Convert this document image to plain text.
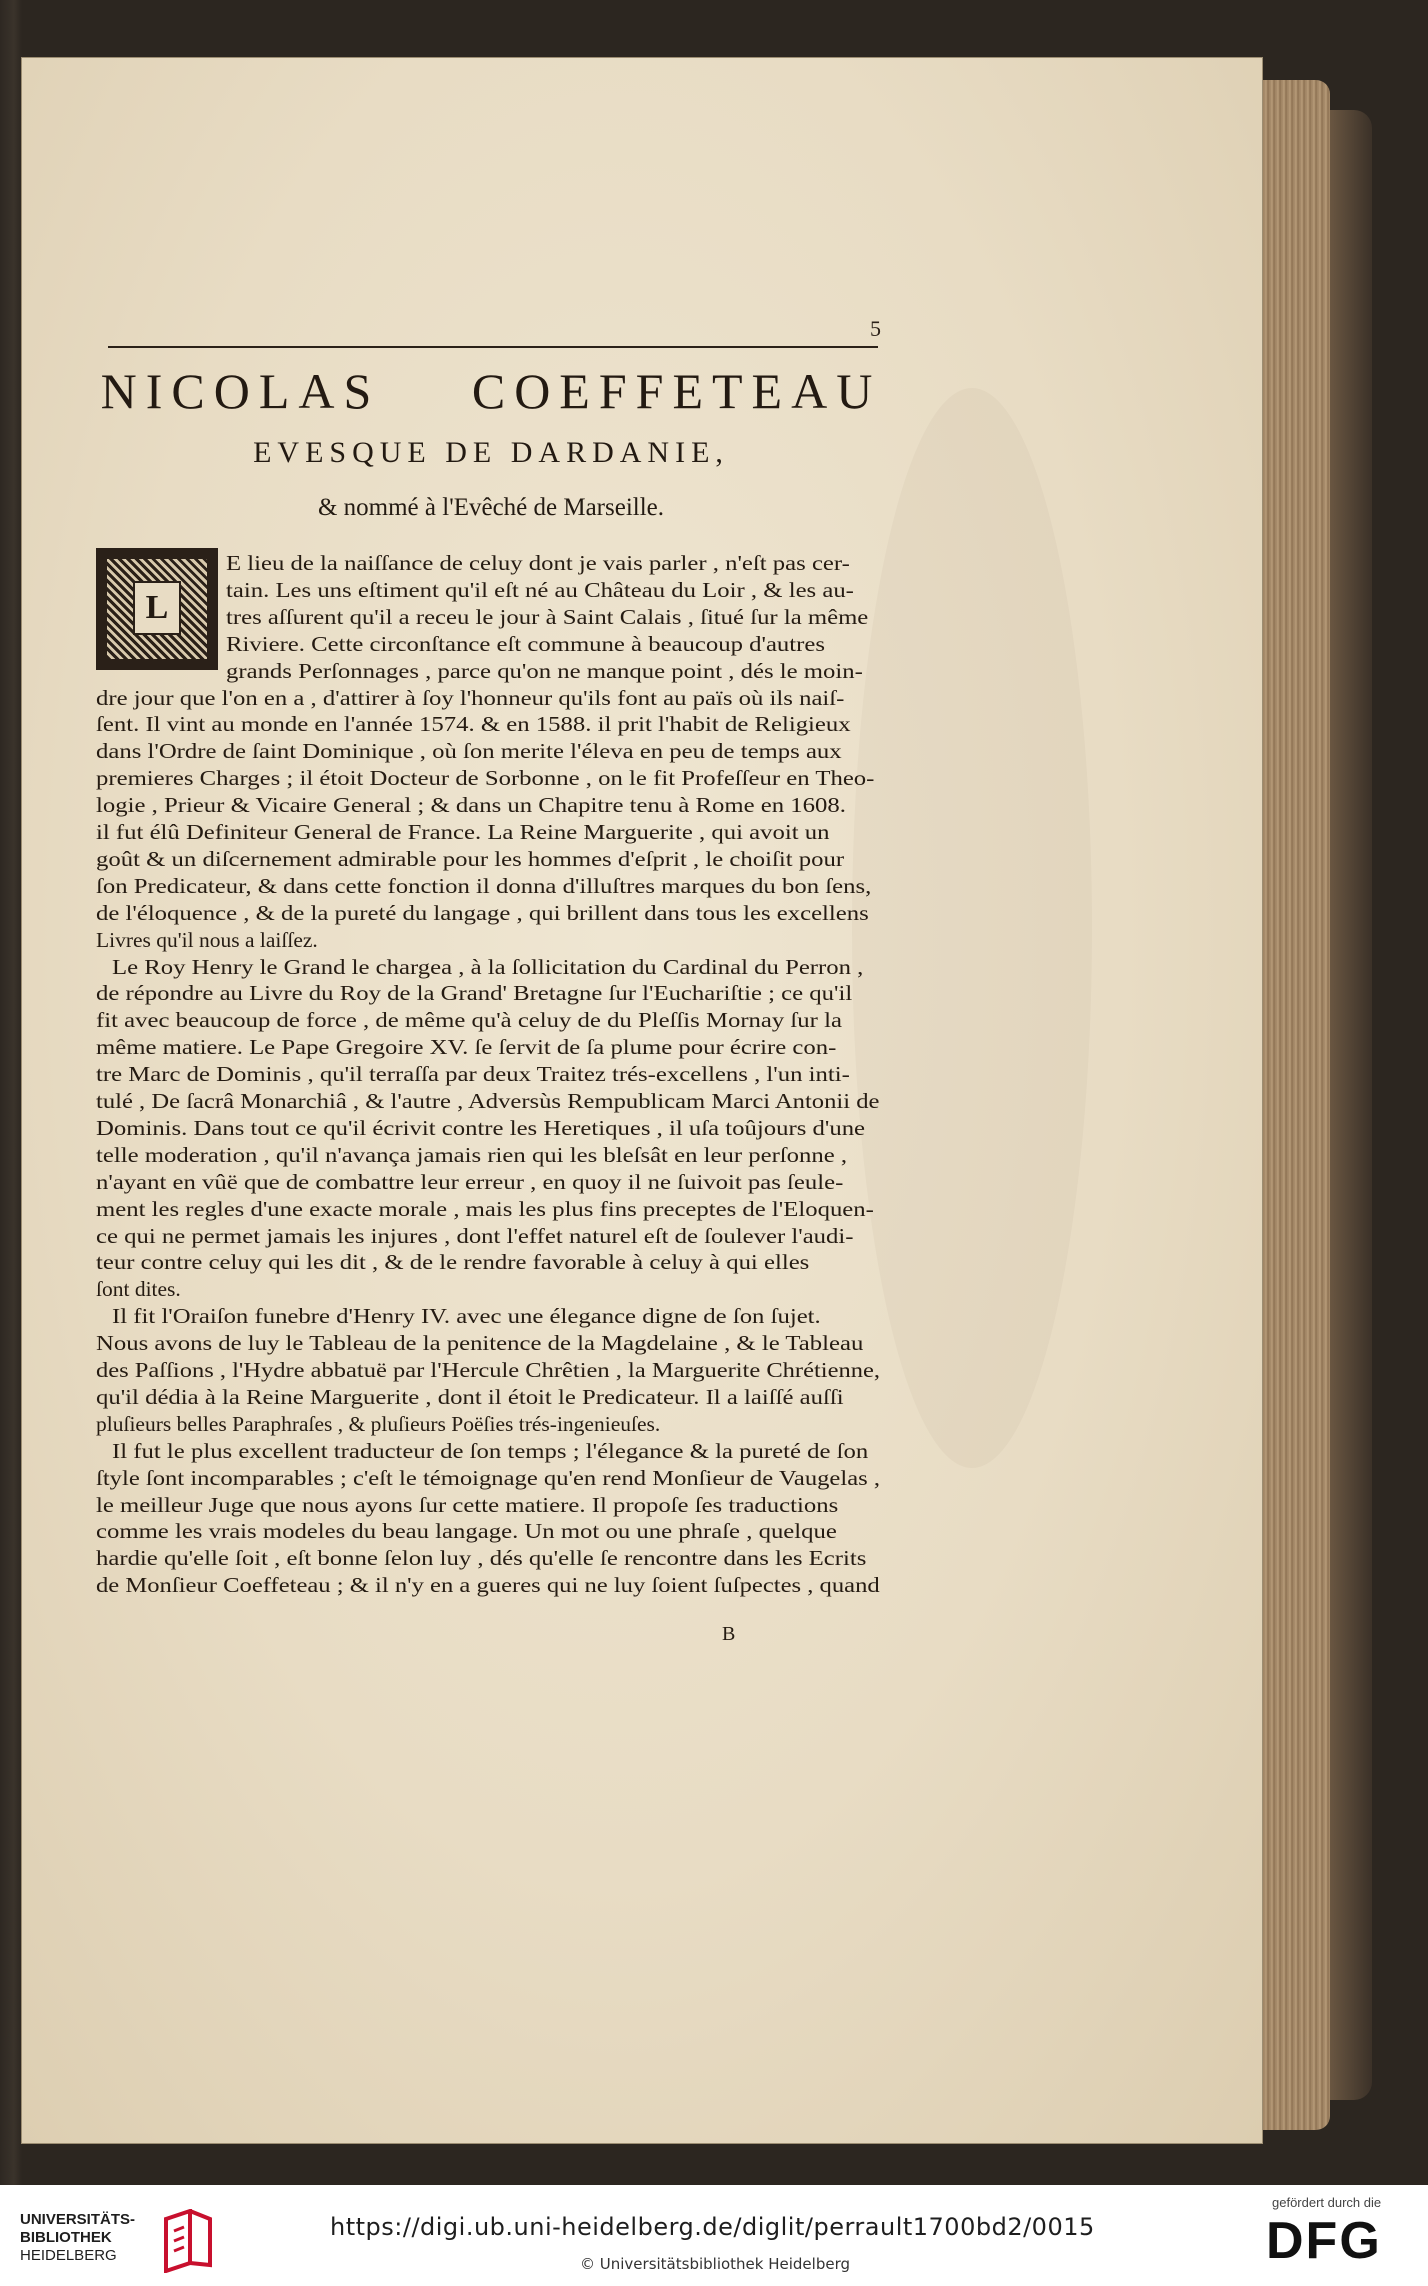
5
NICOLAS COEFFETEAU
EVESQUE DE DARDANIE,
& nommé à l'Evêché de Marseille.
L
E lieu de la naiſſance de celuy dont je vais parler , n'eſt pas cer-
tain. Les uns eſtiment qu'il eſt né au Château du Loir , & les au-
tres aſſurent qu'il a receu le jour à Saint Calais , ſitué ſur la même
Riviere. Cette circonſtance eſt commune à beaucoup d'autres
grands Perſonnages , parce qu'on ne manque point , dés le moin-
dre jour que l'on en a , d'attirer à ſoy l'honneur qu'ils font au païs où ils naiſ-
ſent. Il vint au monde en l'année 1574. & en 1588. il prit l'habit de Religieux
dans l'Ordre de ſaint Dominique , où ſon merite l'éleva en peu de temps aux
premieres Charges ; il étoit Docteur de Sorbonne , on le fit Profeſſeur en Theo-
logie , Prieur & Vicaire General ; & dans un Chapitre tenu à Rome en 1608.
il fut élû Definiteur General de France. La Reine Marguerite , qui avoit un
goût & un diſcernement admirable pour les hommes d'eſprit , le choiſit pour
ſon Predicateur, & dans cette fonction il donna d'illuſtres marques du bon ſens,
de l'éloquence , & de la pureté du langage , qui brillent dans tous les excellens
Livres qu'il nous a laiſſez.
Le Roy Henry le Grand le chargea , à la ſollicitation du Cardinal du Perron ,
de répondre au Livre du Roy de la Grand' Bretagne ſur l'Euchariſtie ; ce qu'il
fit avec beaucoup de force , de même qu'à celuy de du Pleſſis Mornay ſur la
même matiere. Le Pape Gregoire XV. ſe ſervit de ſa plume pour écrire con-
tre Marc de Dominis , qu'il terraſſa par deux Traitez trés-excellens , l'un inti-
tulé , De ſacrâ Monarchiâ , & l'autre , Adversùs Rempublicam Marci Antonii de
Dominis. Dans tout ce qu'il écrivit contre les Heretiques , il uſa toûjours d'une
telle moderation , qu'il n'avança jamais rien qui les bleſsât en leur perſonne ,
n'ayant en vûë que de combattre leur erreur , en quoy il ne ſuivoit pas ſeule-
ment les regles d'une exacte morale , mais les plus fins preceptes de l'Eloquen-
ce qui ne permet jamais les injures , dont l'effet naturel eſt de ſoulever l'audi-
teur contre celuy qui les dit , & de le rendre favorable à celuy à qui elles
ſont dites.
Il fit l'Oraiſon funebre d'Henry IV. avec une élegance digne de ſon ſujet.
Nous avons de luy le Tableau de la penitence de la Magdelaine , & le Tableau
des Paſſions , l'Hydre abbatuë par l'Hercule Chrêtien , la Marguerite Chrétienne,
qu'il dédia à la Reine Marguerite , dont il étoit le Predicateur. Il a laiſſé auſſi
pluſieurs belles Paraphraſes , & pluſieurs Poëſies trés-ingenieuſes.
Il fut le plus excellent traducteur de ſon temps ; l'élegance & la pureté de ſon
ſtyle ſont incomparables ; c'eſt le témoignage qu'en rend Monſieur de Vaugelas ,
le meilleur Juge que nous ayons ſur cette matiere. Il propoſe ſes traductions
comme les vrais modeles du beau langage. Un mot ou une phraſe , quelque
hardie qu'elle ſoit , eſt bonne ſelon luy , dés qu'elle ſe rencontre dans les Ecrits
de Monſieur Coeffeteau ; & il n'y en a gueres qui ne luy ſoient ſuſpectes , quand
B
UNIVERSITÄTS-
BIBLIOTHEK
HEIDELBERG
https://digi.ub.uni-heidelberg.de/diglit/perrault1700bd2/0015
© Universitätsbibliothek Heidelberg
gefördert durch die
DFG
